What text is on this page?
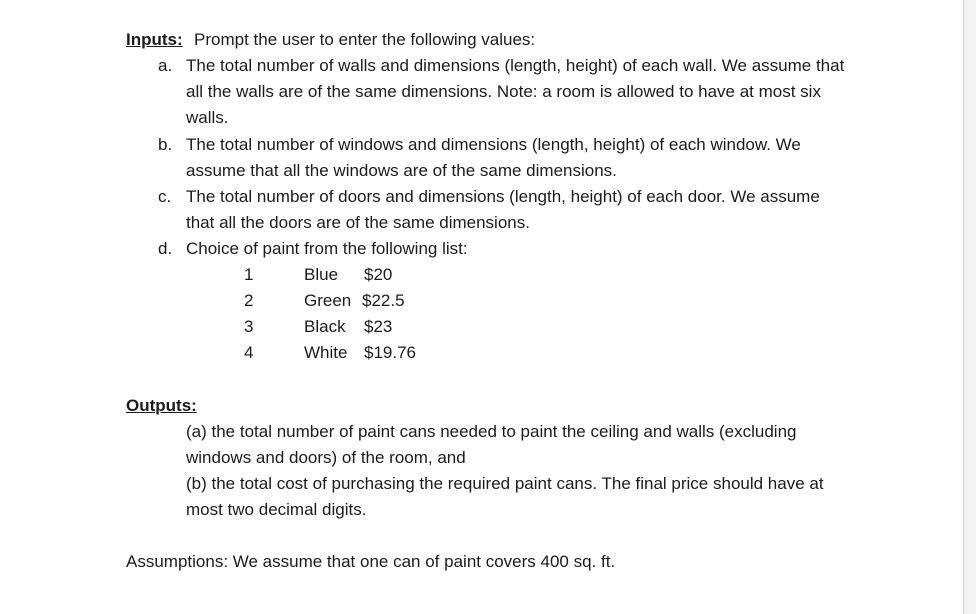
Inputs: Prompt the user to enter the following values:
a. The total number of walls and dimensions (length, height) of each wall. We assume that
all the walls are of the same dimensions. Note: a room is allowed to have at most six
walls.
b. The total number of windows and dimensions (length, height) of each window. We
assume that all the windows are of the same dimensions.
c. The total number of doors and dimensions (length, height) of each door. We assume
that all the doors are of the same dimensions.
d. Choice of paint from the following list:
1	Blue $20
2	Green $22.5
3	Black $23
4	White $19.76
Outputs:
(a) the total number of paint cans needed to paint the ceiling and walls (excluding
windows and doors) of the room, and
(b) the total cost of purchasing the required paint cans. The final price should have at
most two decimal digits.
Assumptions: We assume that one can of paint covers 400 sq. ft.
